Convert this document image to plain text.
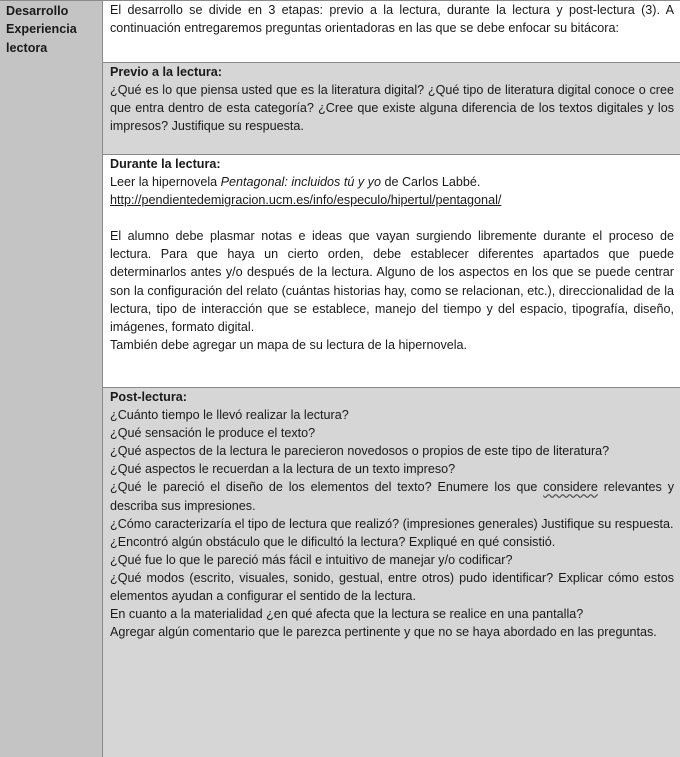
Desarrollo
Experiencia
lectora
El desarrollo se divide en 3 etapas: previo a la lectura, durante la lectura y post-lectura (3). A continuación entregaremos preguntas orientadoras en las que se debe enfocar su bitácora:
Previo a la lectura:
¿Qué es lo que piensa usted que es la literatura digital? ¿Qué tipo de literatura digital conoce o cree que entra dentro de esta categoría? ¿Cree que existe alguna diferencia de los textos digitales y los impresos? Justifique su respuesta.
Durante la lectura:
Leer la hipernovela Pentagonal: incluidos tú y yo de Carlos Labbé.
http://pendientedemigracion.ucm.es/info/especulo/hipertul/pentagonal/
El alumno debe plasmar notas e ideas que vayan surgiendo libremente durante el proceso de lectura. Para que haya un cierto orden, debe establecer diferentes apartados que puede determinarlos antes y/o después de la lectura. Alguno de los aspectos en los que se puede centrar son la configuración del relato (cuántas historias hay, como se relacionan, etc.), direccionalidad de la lectura, tipo de interacción que se establece, manejo del tiempo y del espacio, tipografía, diseño, imágenes, formato digital.
También debe agregar un mapa de su lectura de la hipernovela.
Post-lectura:
¿Cuánto tiempo le llevó realizar la lectura?
¿Qué sensación le produce el texto?
¿Qué aspectos de la lectura le parecieron novedosos o propios de este tipo de literatura?
¿Qué aspectos le recuerdan a la lectura de un texto impreso?
¿Qué le pareció el diseño de los elementos del texto? Enumere los que considere relevantes y describa sus impresiones.
¿Cómo caracterizaría el tipo de lectura que realizó? (impresiones generales) Justifique su respuesta.
¿Encontró algún obstáculo que le dificultó la lectura? Expliqué en qué consistió.
¿Qué fue lo que le pareció más fácil e intuitivo de manejar y/o codificar?
¿Qué modos (escrito, visuales, sonido, gestual, entre otros) pudo identificar? Explicar cómo estos elementos ayudan a configurar el sentido de la lectura.
En cuanto a la materialidad ¿en qué afecta que la lectura se realice en una pantalla?
Agregar algún comentario que le parezca pertinente y que no se haya abordado en las preguntas.
